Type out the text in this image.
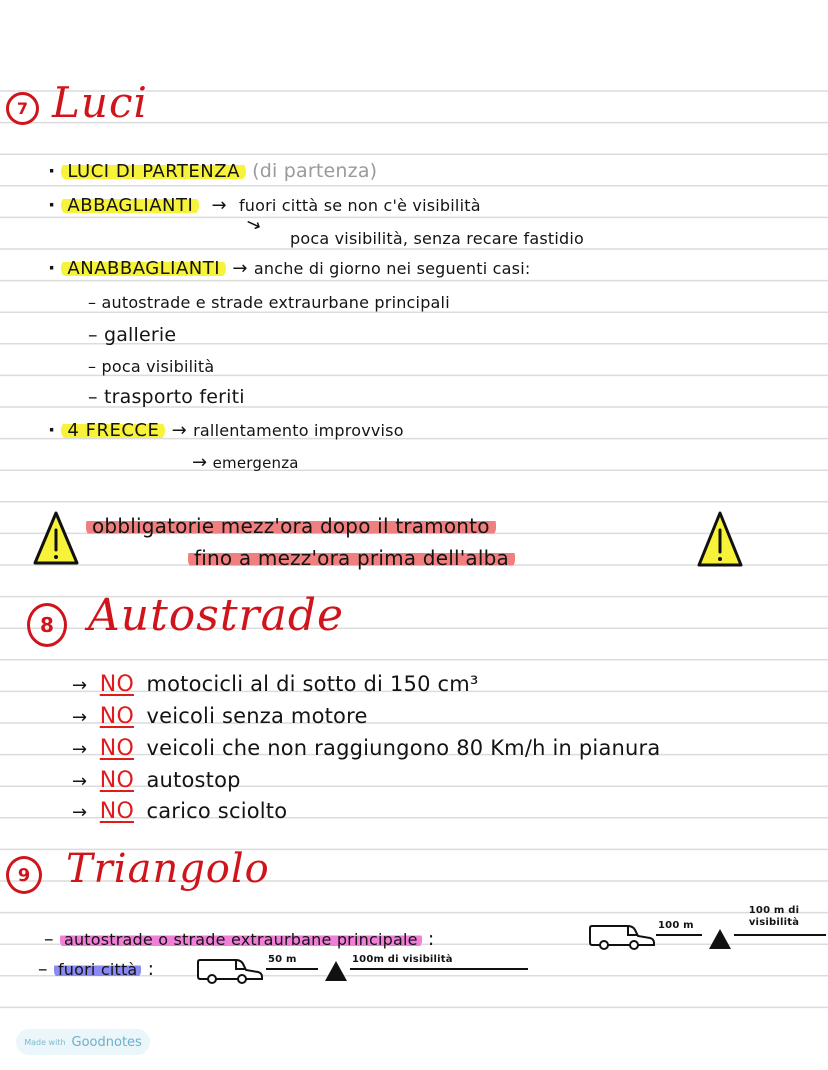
7 Luci
· LUCI DI PARTENZA (di partenza)
· ABBAGLIANTI  →  fuori città se non c'è visibilità
→
poca visibilità, senza recare fastidio
· ANABBAGLIANTI → anche di giorno nei seguenti casi:
– autostrade e strade extraurbane principali
– gallerie
– poca visibilità
– trasporto feriti
· 4 FRECCE → rallentamento improvviso
→ emergenza
obbligatorie mezz'ora dopo il tramonto
fino a mezz'ora prima dell'alba
8 Autostrade
→ NO motocicli al di sotto di 150 cm³
→ NO veicoli senza motore
→ NO veicoli che non raggiungono 80 Km/h in pianura
→ NO autostop
→ NO carico sciolto
9 Triangolo
– autostrade o strade extraurbane principale :
100 m
100 m di visibilità
– fuori città :	50 m	100m di visibilità
Made with Goodnotes
